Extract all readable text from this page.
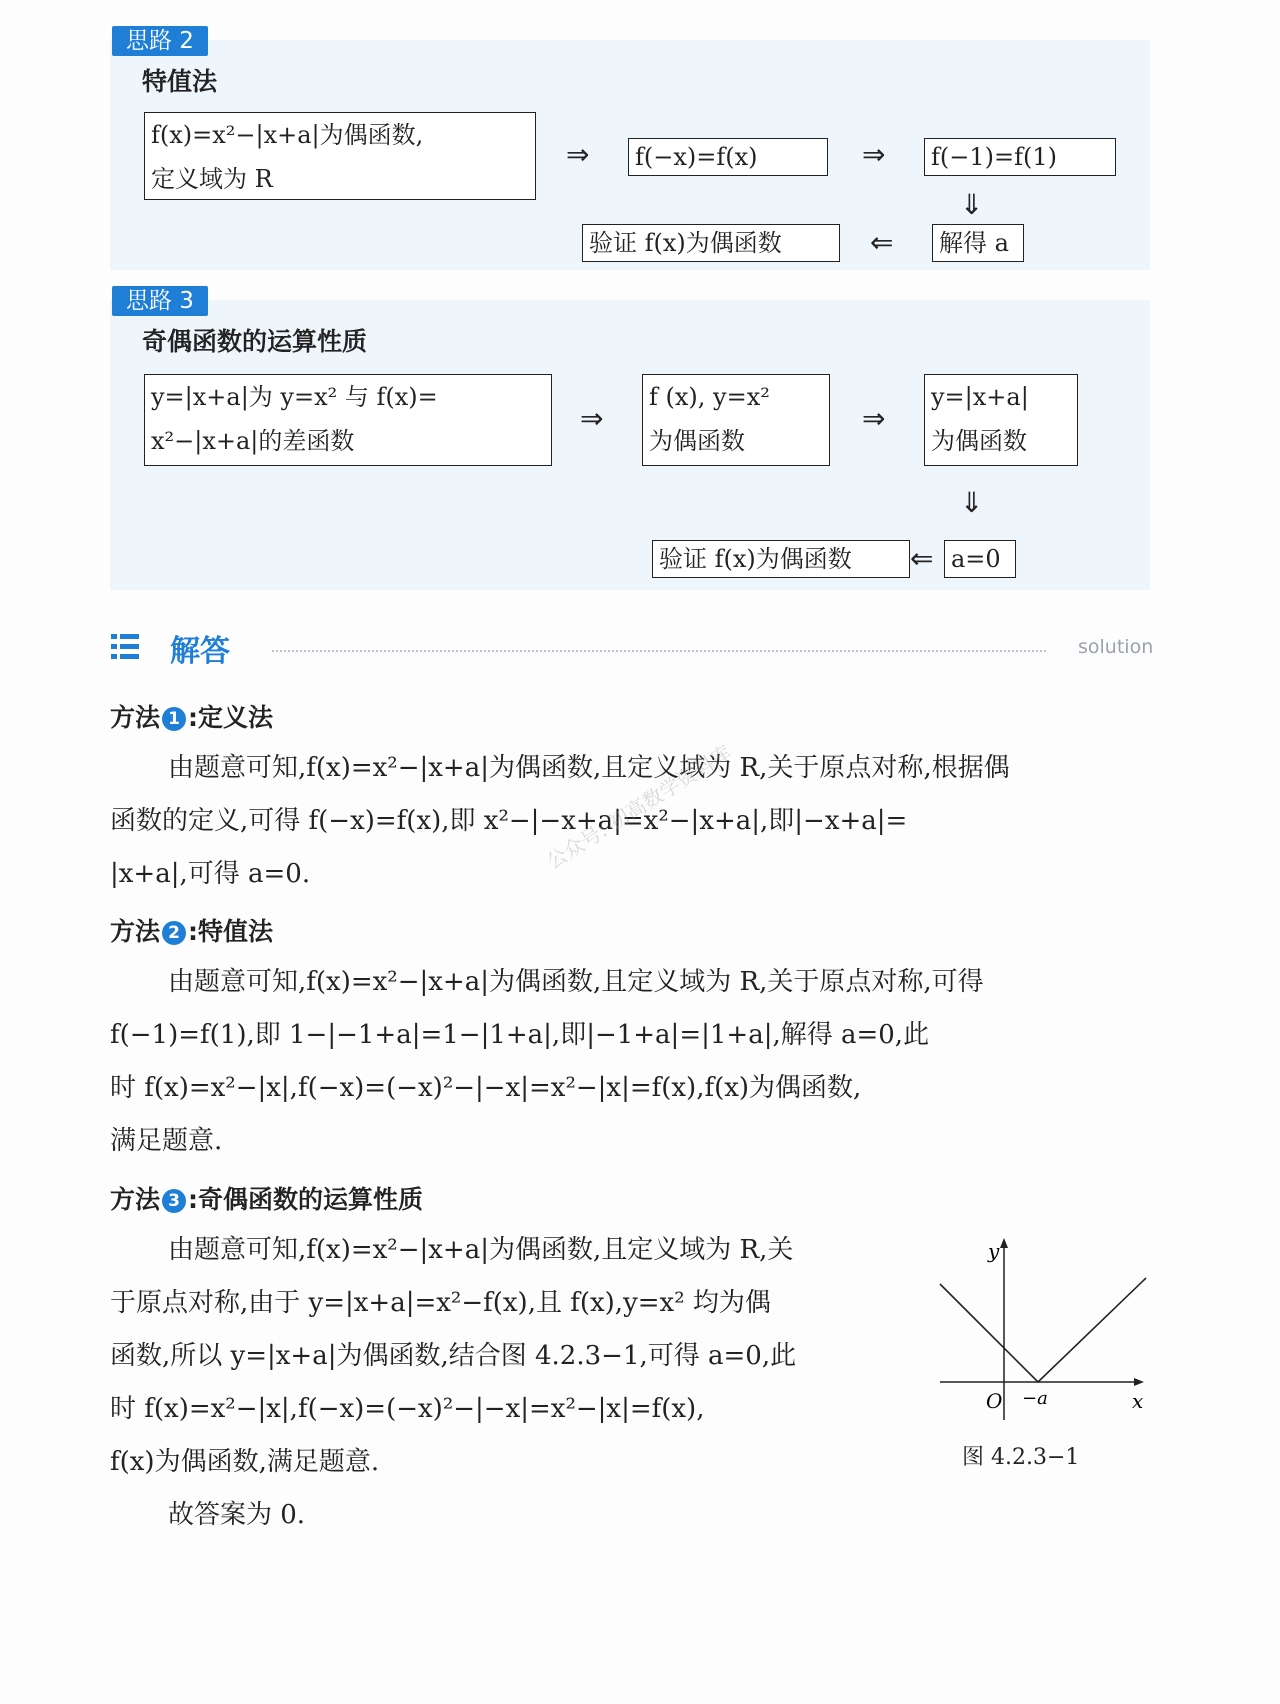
思路 2
特值法
f(x)=x²−|x+a|为偶函数,
定义域为 R
⇒ f(−x)=f(x)	⇒ f(−1)=f(1)
⇓
解得 a
⇐
验证 f(x)为偶函数
思路 3
奇偶函数的运算性质
y=|x+a|为 y=x² 与 f(x)=
x²−|x+a|的差函数
⇒
f (x), y=x²
为偶函数
⇒
y=|x+a|
为偶函数
⇓
a=0
⇐
验证 f(x)为偶函数
解答	solution
方法 1 :定义法
由题意可知,f(x)=x²−|x+a|为偶函数,且定义域为 R,关于原点对称,根据偶
函数的定义,可得 f(−x)=f(x),即 x²−|−x+a|=x²−|x+a|,即|−x+a|=
|x+a|,可得 a=0.
方法 2 :特值法
由题意可知,f(x)=x²−|x+a|为偶函数,且定义域为 R,关于原点对称,可得
f(−1)=f(1),即 1−|−1+a|=1−|1+a|,即|−1+a|=|1+a|,解得 a=0,此
时 f(x)=x²−|x|,f(−x)=(−x)²−|−x|=x²−|x|=f(x),f(x)为偶函数,
满足题意.
方法 3 :奇偶函数的运算性质
由题意可知,f(x)=x²−|x+a|为偶函数,且定义域为 R,关
于原点对称,由于 y=|x+a|=x²−f(x),且 f(x),y=x² 均为偶
函数,所以 y=|x+a|为偶函数,结合图 4.2.3−1,可得 a=0,此
时 f(x)=x²−|x|,f(−x)=(−x)²−|−x|=x²−|x|=f(x),
f(x)为偶函数,满足题意.
y
x
O −a
图 4.2.3−1
故答案为 0.
公众号: 初高数学资料库
